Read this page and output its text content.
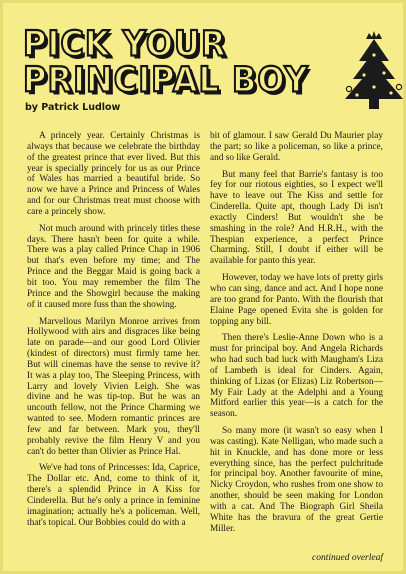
PICK YOUR
PRINCIPAL BOY
by Patrick Ludlow

A princely year. Certainly Christmas is always that because we celebrate the birthday of the greatest prince that ever lived. But this year is specially princely for us as our Prince of Wales has married a beautiful bride. So now we have a Prince and Princess of Wales and for our Christmas treat must choose with care a princely show.

Not much around with princely titles these days. There hasn't been for quite a while. There was a play called Prince Chap in 1906 but that's even before my time; and The Prince and the Beggar Maid is going back a bit too. You may remember the film The Prince and the Showgirl because the making of it caused more fuss than the showing.

Marvellous Marilyn Monroe arrives from Hollywood with airs and disgraces like being late on parade—and our good Lord Olivier (kindest of directors) must firmly tame her. But will cinemas have the sense to revive it? It was a play too, The Sleeping Princess, with Larry and lovely Vivien Leigh. She was divine and he was tip-top. But he was an uncouth fellow, not the Prince Charming we wanted to see. Modern romantic princes are few and far between. Mark you, they'll probably revive the film Henry V and you can't do better than Olivier as Prince Hal.

We've had tons of Princesses: Ida, Caprice, The Dollar etc. And, come to think of it, there's a splendid Prince in A Kiss for Cinderella. But he's only a prince in feminine imagination; actually he's a policeman. Well, that's topical. Our Bobbies could do with a

bit of glamour. I saw Gerald Du Maurier play the part; so like a policeman, so like a prince, and so like Gerald.

But many feel that Barrie's fantasy is too fey for our riotous eighties, so I expect we'll have to leave out The Kiss and settle for Cinderella. Quite apt, though Lady Di isn't exactly Cinders! But wouldn't she be smashing in the role? And H.R.H., with the Thespian experience, a perfect Prince Charming. Still, I doubt if either will be available for panto this year.

However, today we have lots of pretty girls who can sing, dance and act. And I hope none are too grand for Panto. With the flourish that Elaine Page opened Evita she is golden for topping any bill.

Then there's Leslie-Anne Down who is a must for principal boy. And Angela Richards who had such bad luck with Maugham's Liza of Lambeth is ideal for Cinders. Again, thinking of Lizas (or Elizas) Liz Robertson—My Fair Lady at the Adelphi and a Young Mitford earlier this year—is a catch for the season.

So many more (it wasn't so easy when I was casting). Kate Nelligan, who made such a hit in Knuckle, and has done more or less everything since, has the perfect pulchritude for principal boy. Another favourite of mine, Nicky Croydon, who rushes from one show to another, should be seen making for London with a cat. And The Biograph Girl Sheila White has the bravura of the great Gertie Miller.

continued overleaf
